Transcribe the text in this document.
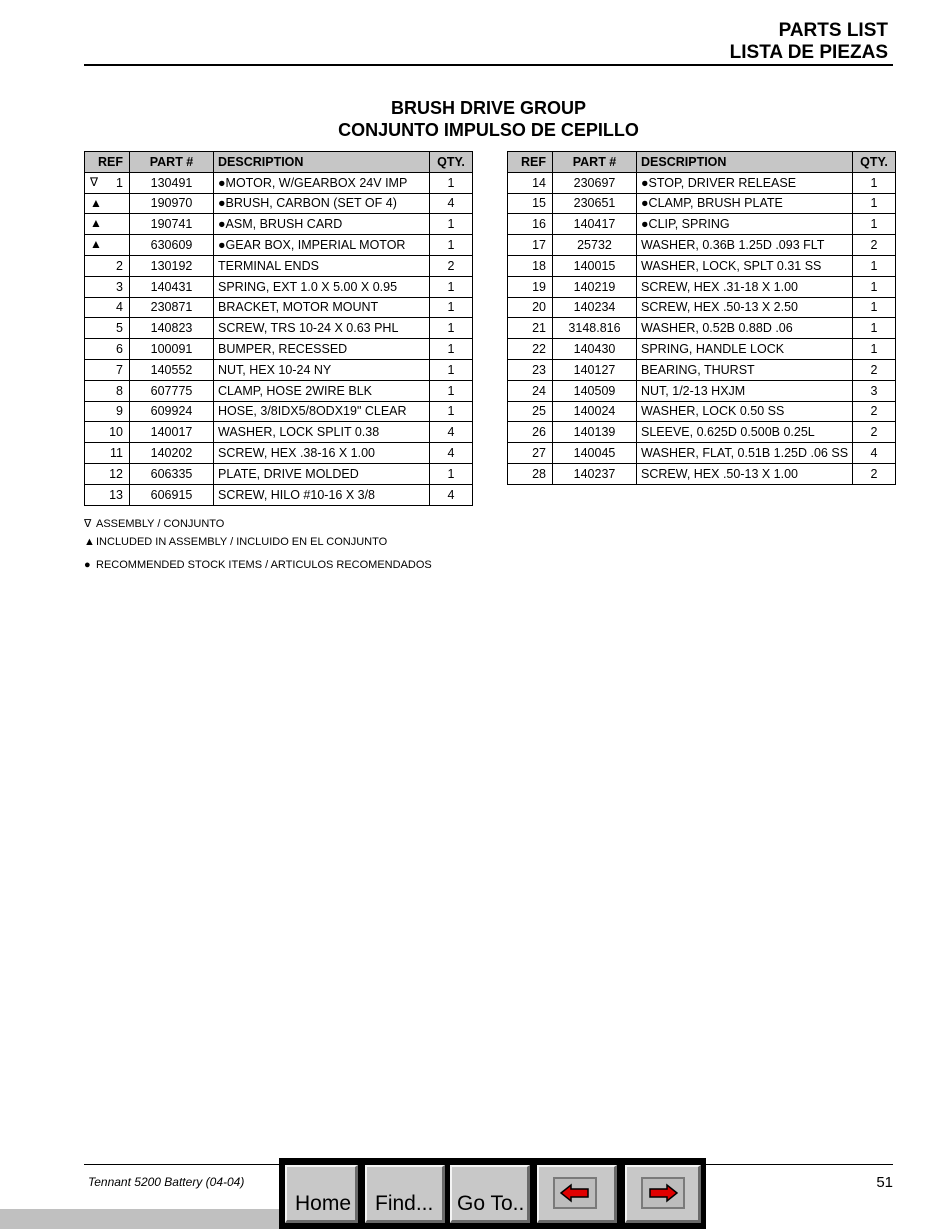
PARTS LIST
LISTA DE PIEZAS
BRUSH DRIVE GROUP
CONJUNTO IMPULSO DE CEPILLO
REF	PART #	DESCRIPTION	QTY.

∇ 1	130491	●MOTOR, W/GEARBOX 24V IMP	1

▲	190970	●BRUSH, CARBON (SET OF 4)	4

▲	190741	●ASM, BRUSH CARD	1

▲	630609	●GEAR BOX, IMPERIAL MOTOR	1

2	130192	TERMINAL ENDS	2

3	140431	SPRING, EXT 1.0 X 5.00 X 0.95	1

4	230871	BRACKET, MOTOR MOUNT	1

5	140823	SCREW, TRS 10-24 X 0.63 PHL	1

6	100091	BUMPER, RECESSED	1

7	140552	NUT, HEX 10-24 NY	1

8	607775	CLAMP, HOSE 2WIRE BLK	1

9	609924	HOSE, 3/8IDX5/8ODX19" CLEAR	1

10	140017	WASHER, LOCK SPLIT 0.38	4

11	140202	SCREW, HEX .38-16 X 1.00	4

12	606335	PLATE, DRIVE MOLDED	1

13	606915	SCREW, HILO #10-16 X 3/8	4
REF	PART #	DESCRIPTION	QTY.
14	230697	●STOP, DRIVER RELEASE	1
15	230651	●CLAMP, BRUSH PLATE	1
16	140417	●CLIP, SPRING	1
17	25732	WASHER, 0.36B 1.25D .093 FLT	2
18	140015	WASHER, LOCK, SPLT 0.31 SS	1
19	140219	SCREW, HEX .31-18 X 1.00	1
20	140234	SCREW, HEX .50-13 X 2.50	1
21	3148.816	WASHER, 0.52B 0.88D .06	1
22	140430	SPRING, HANDLE LOCK	1
23	140127	BEARING, THURST	2
24	140509	NUT, 1/2-13 HXJM	3
25	140024	WASHER, LOCK 0.50 SS	2
26	140139	SLEEVE, 0.625D 0.500B 0.25L	2
27	140045	WASHER, FLAT, 0.51B 1.25D .06 SS	4
28	140237	SCREW, HEX .50-13 X 1.00	2
∇ ASSEMBLY / CONJUNTO
▲INCLUDED IN ASSEMBLY / INCLUIDO EN EL CONJUNTO
● RECOMMENDED STOCK ITEMS / ARTICULOS RECOMENDADOS
Tennant 5200 Battery (04-04)	51
Home Find... Go To..
